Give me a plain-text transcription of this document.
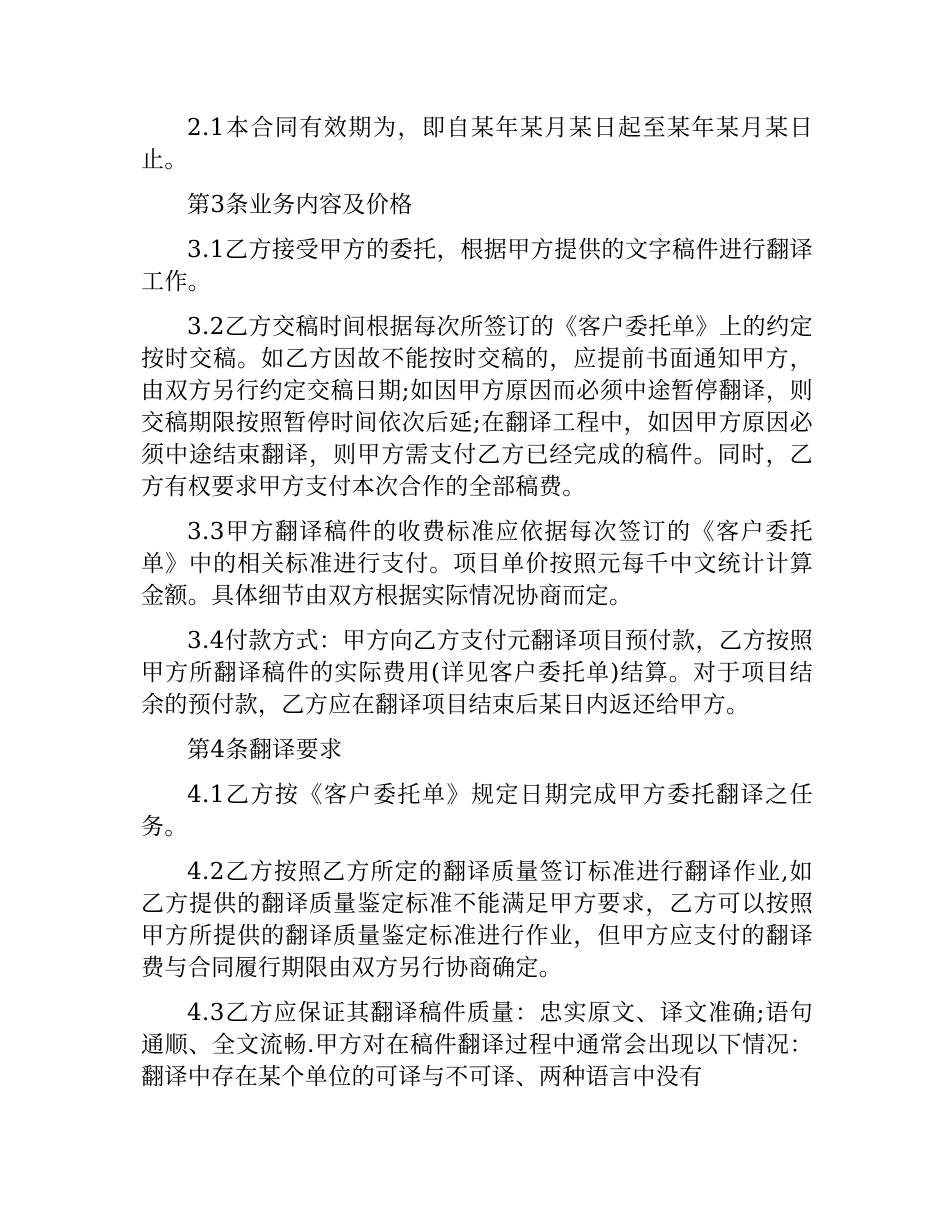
2.1本合同有效期为，即自某年某月某日起至某年某月某日止。

第3条业务内容及价格

3.1乙方接受甲方的委托，根据甲方提供的文字稿件进行翻译工作。

3.2乙方交稿时间根据每次所签订的《客户委托单》上的约定按时交稿。如乙方因故不能按时交稿的，应提前书面通知甲方，由双方另行约定交稿日期;如因甲方原因而必须中途暂停翻译，则交稿期限按照暂停时间依次后延;在翻译工程中，如因甲方原因必须中途结束翻译，则甲方需支付乙方已经完成的稿件。同时，乙方有权要求甲方支付本次合作的全部稿费。

3.3甲方翻译稿件的收费标准应依据每次签订的《客户委托单》中的相关标准进行支付。项目单价按照元每千中文统计计算金额。具体细节由双方根据实际情况协商而定。

3.4付款方式：甲方向乙方支付元翻译项目预付款，乙方按照甲方所翻译稿件的实际费用(详见客户委托单)结算。对于项目结余的预付款，乙方应在翻译项目结束后某日内返还给甲方。

第4条翻译要求

4.1乙方按《客户委托单》规定日期完成甲方委托翻译之任务。

4.2乙方按照乙方所定的翻译质量签订标准进行翻译作业,如乙方提供的翻译质量鉴定标准不能满足甲方要求，乙方可以按照甲方所提供的翻译质量鉴定标准进行作业，但甲方应支付的翻译费与合同履行期限由双方另行协商确定。

4.3乙方应保证其翻译稿件质量：忠实原文、译文准确;语句通顺、全文流畅.甲方对在稿件翻译过程中通常会出现以下情况：翻译中存在某个单位的可译与不可译、两种语言中没有
